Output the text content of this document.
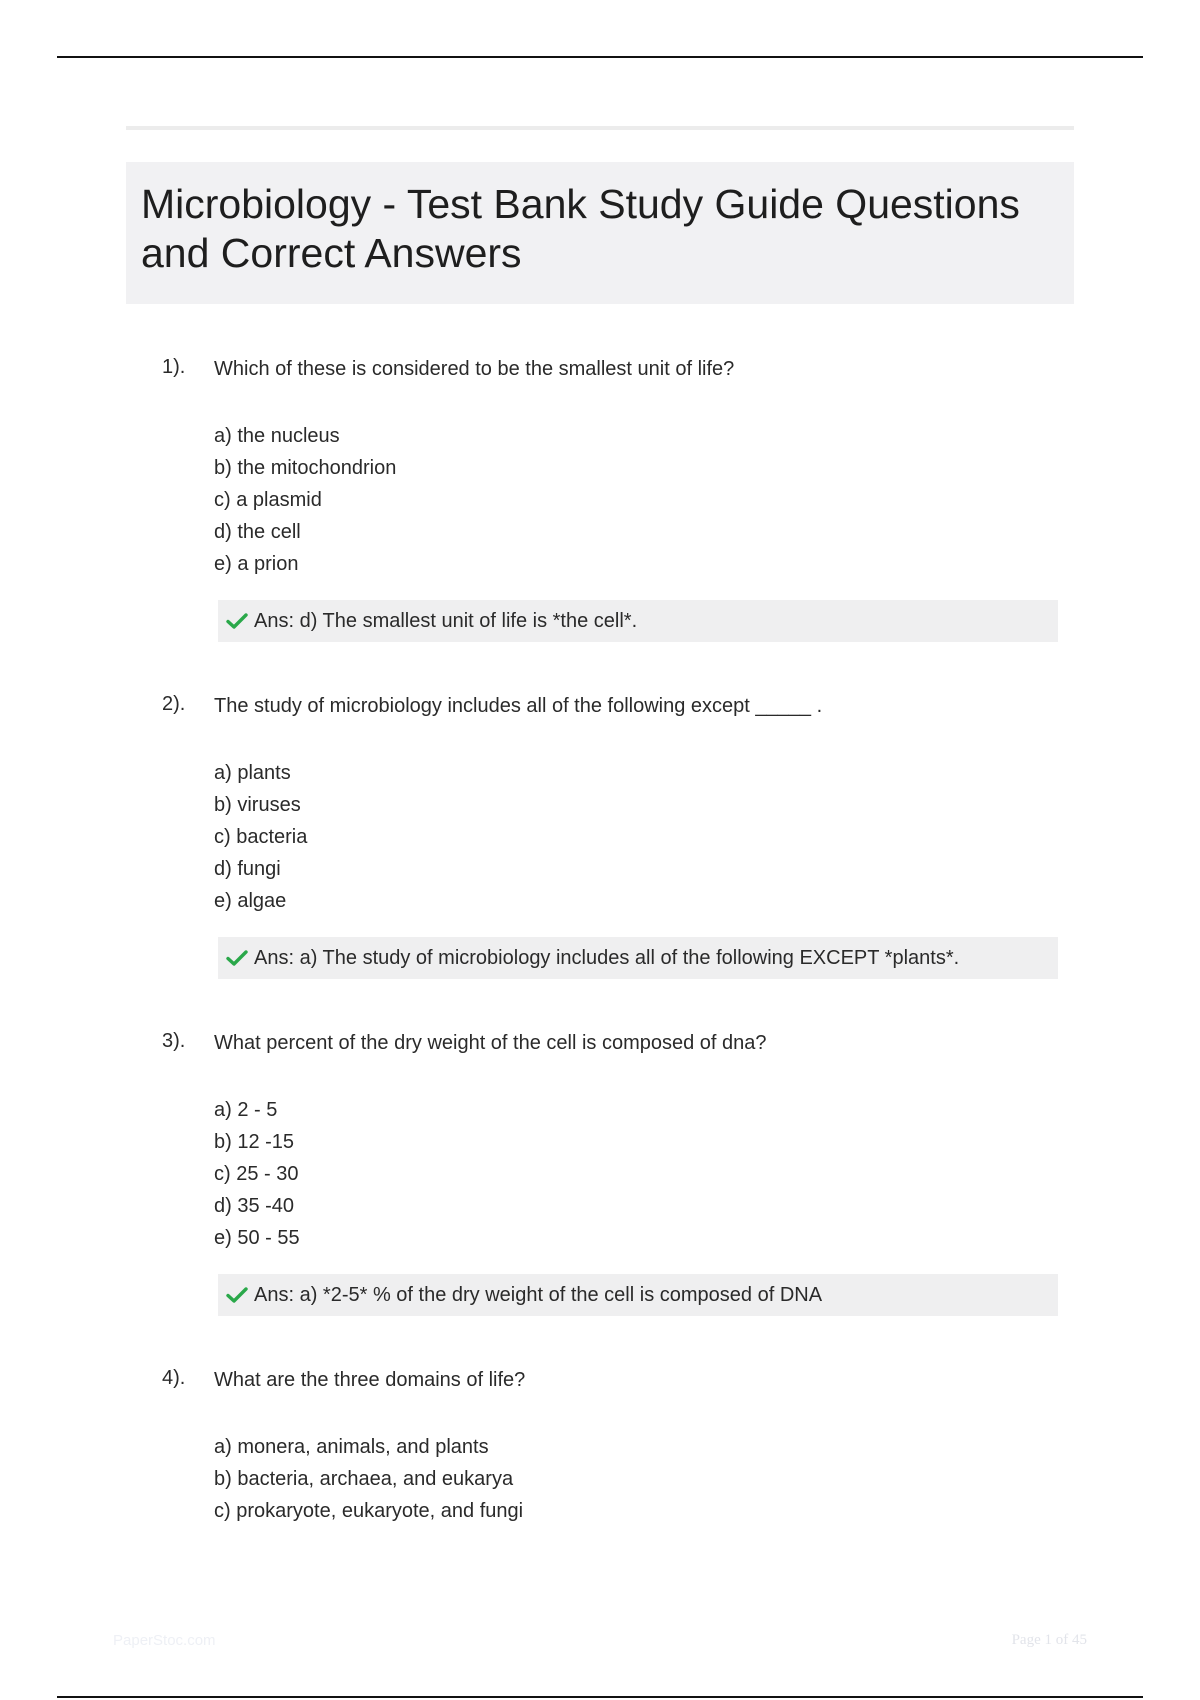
Microbiology - Test Bank Study Guide Questions and Correct Answers
1). Which of these is considered to be the smallest unit of life?
a) the nucleus
b) the mitochondrion
c) a plasmid
d) the cell
e) a prion
Ans: d) The smallest unit of life is *the cell*.
2). The study of microbiology includes all of the following except _____ .
a) plants
b) viruses
c) bacteria
d) fungi
e) algae
Ans: a) The study of microbiology includes all of the following EXCEPT *plants*.
3). What percent of the dry weight of the cell is composed of dna?
a) 2 - 5
b) 12 -15
c) 25 - 30
d) 35 -40
e) 50 - 55
Ans: a) *2-5* % of the dry weight of the cell is composed of DNA
4). What are the three domains of life?
a) monera, animals, and plants
b) bacteria, archaea, and eukarya
c) prokaryote, eukaryote, and fungi
PaperStoc.com	Page 1 of 45
